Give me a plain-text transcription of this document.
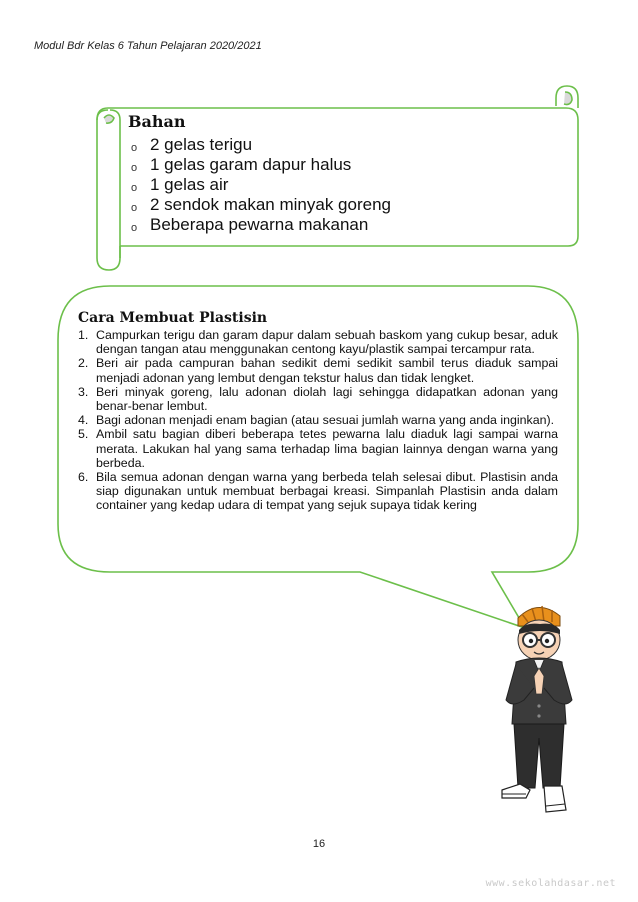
Modul Bdr Kelas 6 Tahun Pelajaran 2020/2021
Bahan
o 2 gelas terigu
o 1 gelas garam dapur halus
o 1 gelas air
o 2 sendok makan minyak goreng
o Beberapa pewarna makanan
Cara Membuat Plastisin
1. Campurkan terigu dan garam dapur dalam sebuah baskom yang cukup besar, aduk dengan tangan atau menggunakan centong kayu/plastik sampai tercampur rata.
2. Beri air pada campuran bahan sedikit demi sedikit sambil terus diaduk sampai menjadi adonan yang lembut dengan tekstur halus dan tidak lengket.
3. Beri minyak goreng, lalu adonan diolah lagi sehingga didapatkan adonan yang benar-benar lembut.
4. Bagi adonan menjadi enam bagian (atau sesuai jumlah warna yang anda inginkan).
5. Ambil satu bagian diberi beberapa tetes pewarna lalu diaduk lagi sampai warna merata. Lakukan hal yang sama terhadap lima bagian lainnya dengan warna yang berbeda.
6. Bila semua adonan dengan warna yang berbeda telah selesai dibut. Plastisin anda siap digunakan untuk membuat berbagai kreasi. Simpanlah Plastisin anda dalam container yang kedap udara di tempat yang sejuk supaya tidak kering
16
www.sekolahdasar.net
